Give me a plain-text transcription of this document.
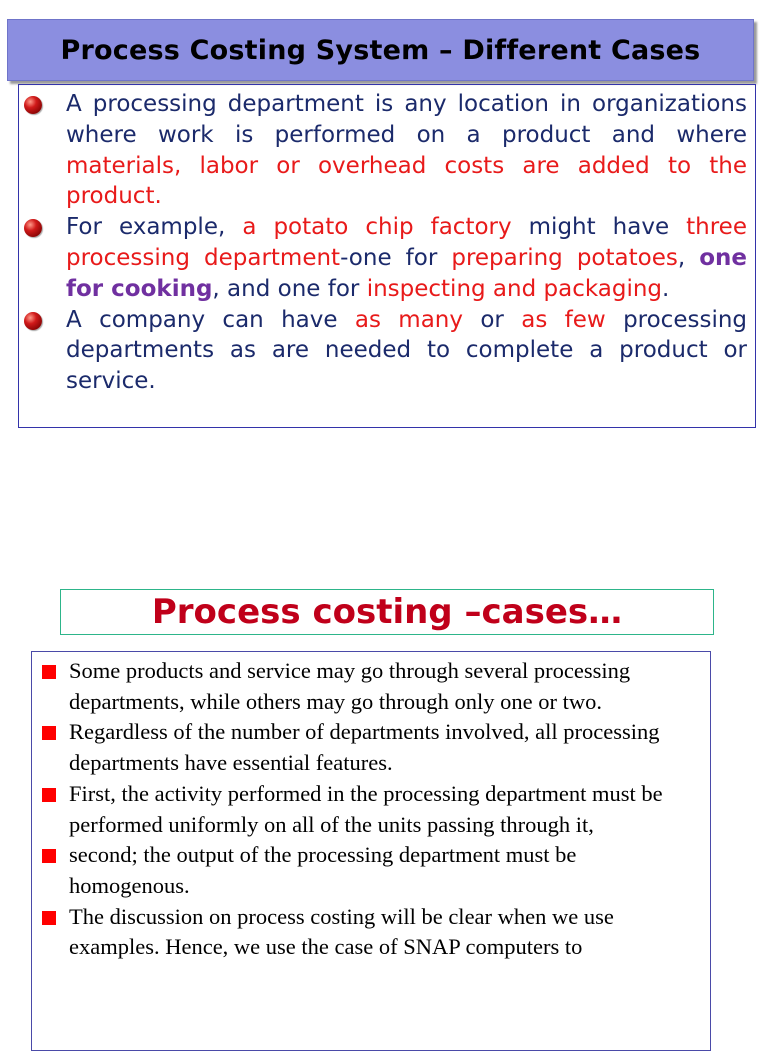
Process Costing System – Different Cases
A processing department is any location in organizations where work is performed on a product and where materials, labor or overhead costs are added to the product.
For example, a potato chip factory might have three processing department-one for preparing potatoes, one for cooking, and one for inspecting and packaging.
A company can have as many or as few processing departments as are needed to complete a product or service.
Process costing –cases…
Some products and service may go through several processing departments, while others may go through only one or two.
Regardless of the number of departments involved, all processing departments have essential features.
First, the activity performed in the processing department must be performed uniformly on all of the units passing through it,
second; the output of the processing department must be homogenous.
The discussion on process costing will be clear when we use examples. Hence, we use the case of SNAP computers to
